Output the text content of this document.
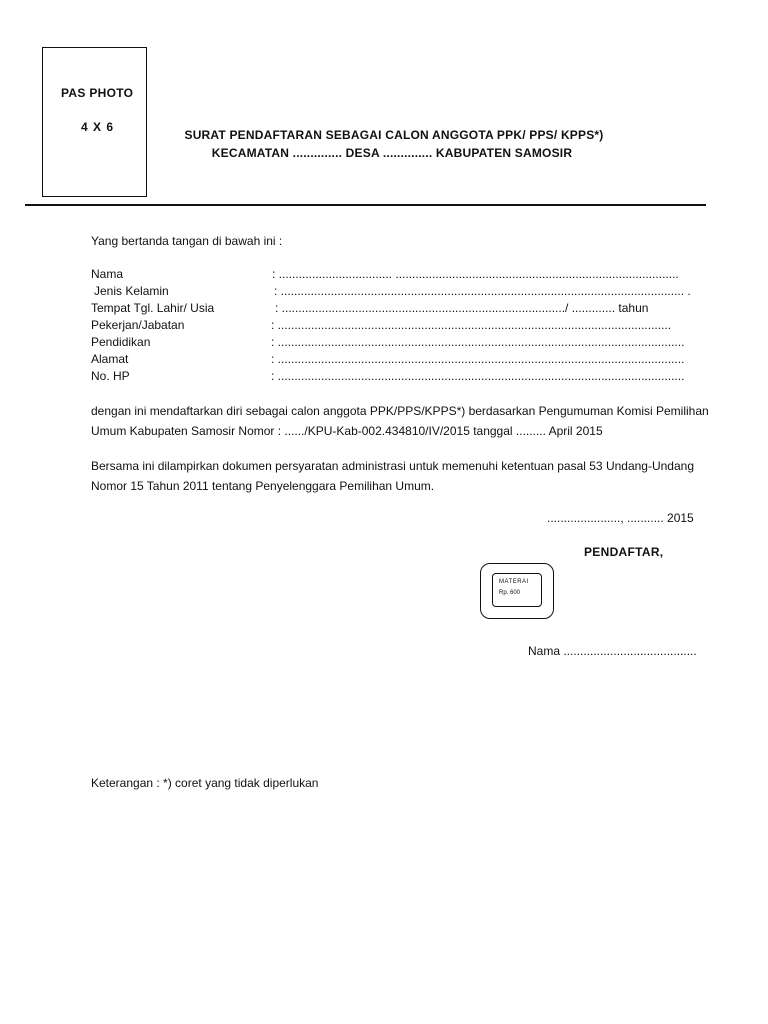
PAS PHOTO
4 X 6
SURAT PENDAFTARAN SEBAGAI CALON ANGGOTA PPK/ PPS/ KPPS*)
KECAMATAN .............. DESA .............. KABUPATEN SAMOSIR
Yang bertanda tangan di bawah ini :
Nama	: .................................. .....................................................................................
Jenis Kelamin	: ......................................................................................................................... .
Tempat Tgl. Lahir/ Usia	: ...................................................................................../ ............. tahun
Pekerjan/Jabatan	: ......................................................................................................................
Pendidikan	: ..........................................................................................................................
Alamat	: ..........................................................................................................................
No. HP	: ..........................................................................................................................
dengan ini mendaftarkan diri sebagai calon anggota PPK/PPS/KPPS*) berdasarkan Pengumuman Komisi Pemilihan Umum Kabupaten Samosir Nomor : ....../KPU-Kab-002.434810/IV/2015 tanggal ......... April 2015
Bersama ini dilampirkan dokumen persyaratan administrasi untuk memenuhi ketentuan pasal 53 Undang-Undang Nomor 15 Tahun 2011 tentang Penyelenggara Pemilihan Umum.
......................, ........... 2015
PENDAFTAR,
MATERAI
Rp. 600
Nama ........................................
Keterangan : *) coret yang tidak diperlukan
